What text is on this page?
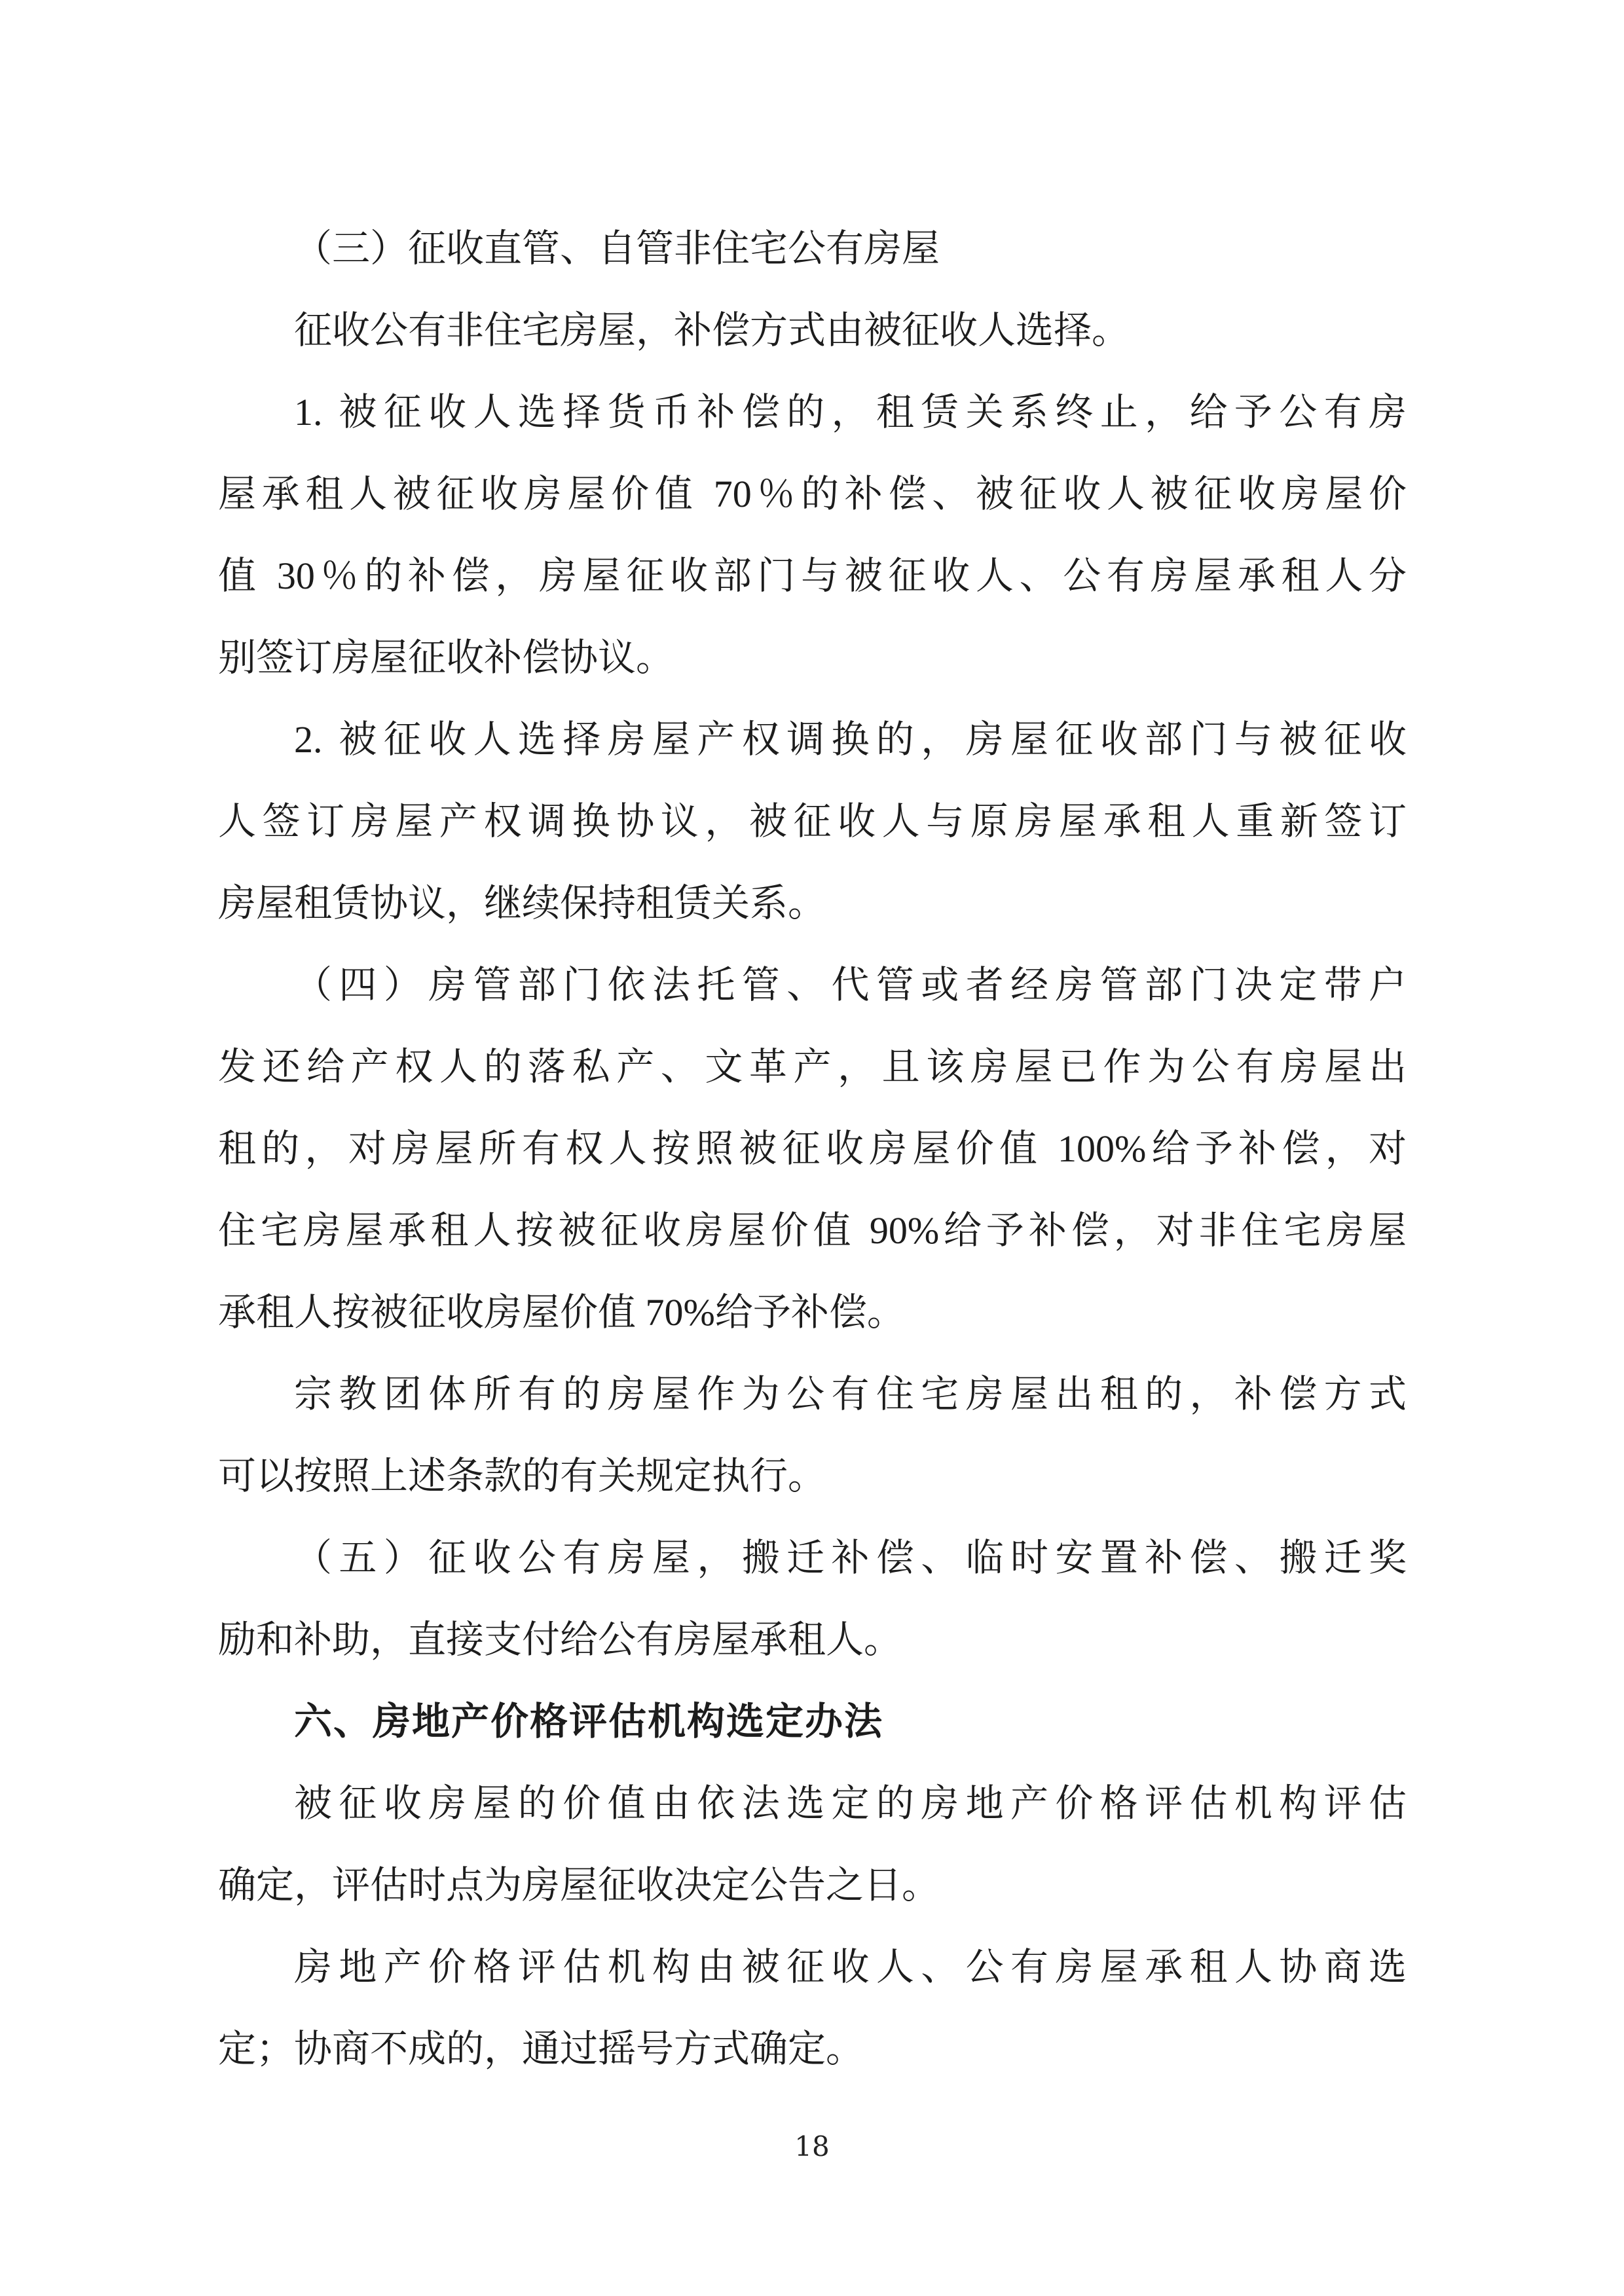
（三）征收直管、自管非住宅公有房屋
征收公有非住宅房屋，补偿方式由被征收人选择。
1. 被征收人选择货币补偿的，租赁关系终止，给予公有房
屋承租人被征收房屋价值 70％的补偿、被征收人被征收房屋价
值 30％的补偿，房屋征收部门与被征收人、公有房屋承租人分
别签订房屋征收补偿协议。
2. 被征收人选择房屋产权调换的，房屋征收部门与被征收
人签订房屋产权调换协议，被征收人与原房屋承租人重新签订
房屋租赁协议，继续保持租赁关系。
（四）房管部门依法托管、代管或者经房管部门决定带户
发还给产权人的落私产、文革产，且该房屋已作为公有房屋出
租的，对房屋所有权人按照被征收房屋价值 100%给予补偿，对
住宅房屋承租人按被征收房屋价值 90%给予补偿，对非住宅房屋
承租人按被征收房屋价值 70%给予补偿。
宗教团体所有的房屋作为公有住宅房屋出租的，补偿方式
可以按照上述条款的有关规定执行。
（五）征收公有房屋，搬迁补偿、临时安置补偿、搬迁奖
励和补助，直接支付给公有房屋承租人。
六、房地产价格评估机构选定办法
被征收房屋的价值由依法选定的房地产价格评估机构评估
确定，评估时点为房屋征收决定公告之日。
房地产价格评估机构由被征收人、公有房屋承租人协商选
定；协商不成的，通过摇号方式确定。
18
